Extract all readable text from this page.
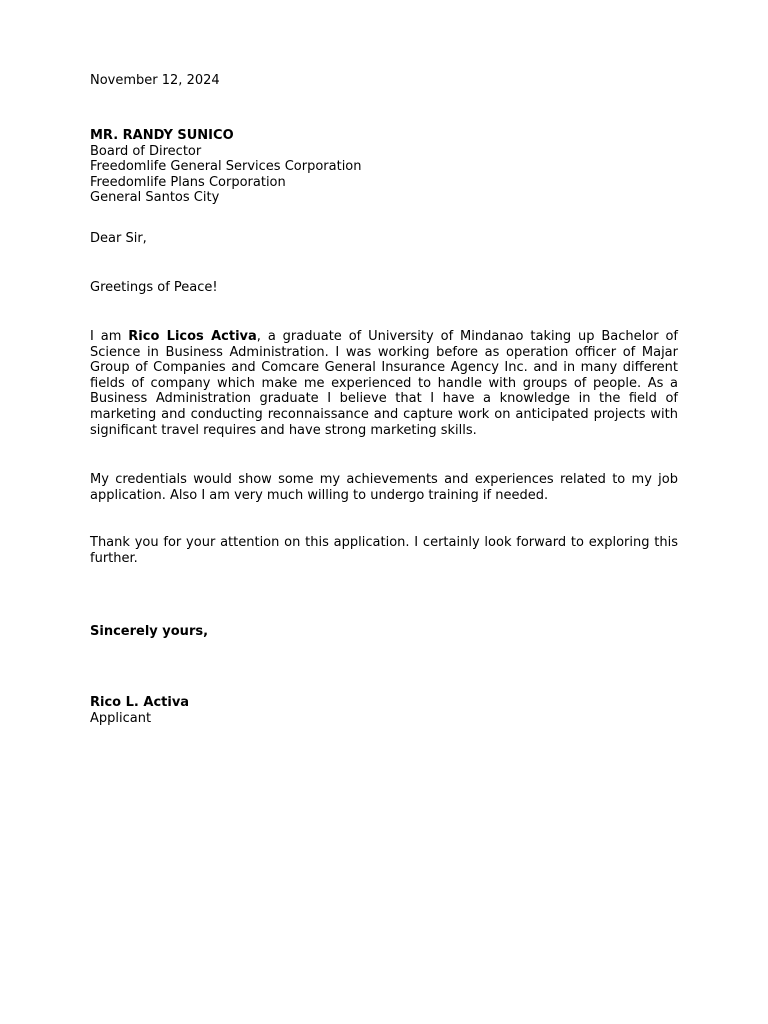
November 12, 2024
MR. RANDY SUNICO
Board of Director
Freedomlife General Services Corporation
Freedomlife Plans Corporation
General Santos City
Dear Sir,
Greetings of Peace!
I am Rico Licos Activa, a graduate of University of Mindanao taking up Bachelor of Science in Business Administration. I was working before as operation officer of Majar Group of Companies and Comcare General Insurance Agency Inc. and in many different fields of company which make me experienced to handle with groups of people. As a Business Administration graduate I believe that I have a knowledge in the field of marketing and conducting reconnaissance and capture work on anticipated projects with significant travel requires and have strong marketing skills.
My credentials would show some my achievements and experiences related to my job application. Also I am very much willing to undergo training if needed.
Thank you for your attention on this application. I certainly look forward to exploring this further.
Sincerely yours,
Rico L. Activa
Applicant
